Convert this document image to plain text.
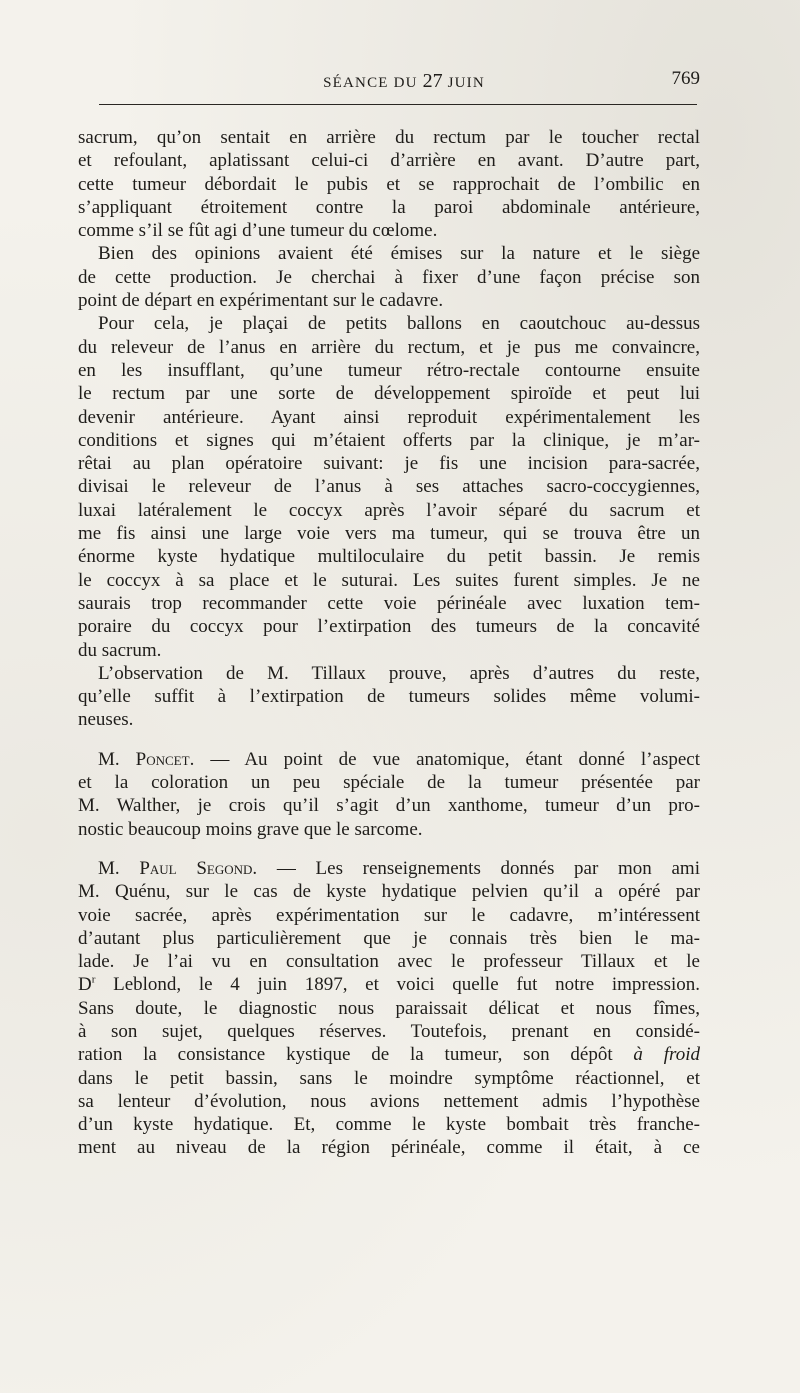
SÉANCE DU 27 JUIN	769

sacrum, qu’on sentait en arrière du rectum par le toucher rectal
et refoulant, aplatissant celui-ci d’arrière en avant. D’autre part,
cette tumeur débordait le pubis et se rapprochait de l’ombilic en
s’appliquant étroitement contre la paroi abdominale antérieure,
comme s’il se fût agi d’une tumeur du cœlome.

Bien des opinions avaient été émises sur la nature et le siège
de cette production. Je cherchai à fixer d’une façon précise son
point de départ en expérimentant sur le cadavre.

Pour cela, je plaçai de petits ballons en caoutchouc au-dessus
du releveur de l’anus en arrière du rectum, et je pus me convaincre,
en les insufflant, qu’une tumeur rétro-rectale contourne ensuite
le rectum par une sorte de développement spiroïde et peut lui
devenir antérieure. Ayant ainsi reproduit expérimentalement les
conditions et signes qui m’étaient offerts par la clinique, je m’ar-
rêtai au plan opératoire suivant: je fis une incision para-sacrée,
divisai le releveur de l’anus à ses attaches sacro-coccygiennes,
luxai latéralement le coccyx après l’avoir séparé du sacrum et
me fis ainsi une large voie vers ma tumeur, qui se trouva être un
énorme kyste hydatique multiloculaire du petit bassin. Je remis
le coccyx à sa place et le suturai. Les suites furent simples. Je ne
saurais trop recommander cette voie périnéale avec luxation tem-
poraire du coccyx pour l’extirpation des tumeurs de la concavité
du sacrum.

L’observation de M. Tillaux prouve, après d’autres du reste,
qu’elle suffit à l’extirpation de tumeurs solides même volumi-
neuses.

M. Poncet. — Au point de vue anatomique, étant donné l’aspect
et la coloration un peu spéciale de la tumeur présentée par
M. Walther, je crois qu’il s’agit d’un xanthome, tumeur d’un pro-
nostic beaucoup moins grave que le sarcome.

M. Paul Segond. — Les renseignements donnés par mon ami
M. Quénu, sur le cas de kyste hydatique pelvien qu’il a opéré par
voie sacrée, après expérimentation sur le cadavre, m’intéressent
d’autant plus particulièrement que je connais très bien le ma-
lade. Je l’ai vu en consultation avec le professeur Tillaux et le
$D^r$ Leblond, le 4 juin 1897, et voici quelle fut notre impression.
Sans doute, le diagnostic nous paraissait délicat et nous fîmes,
à son sujet, quelques réserves. Toutefois, prenant en considé-
ration la consistance kystique de la tumeur, son dépôt à froid
dans le petit bassin, sans le moindre symptôme réactionnel, et
sa lenteur d’évolution, nous avions nettement admis l’hypothèse
d’un kyste hydatique. Et, comme le kyste bombait très franche-
ment au niveau de la région périnéale, comme il était, à ce
